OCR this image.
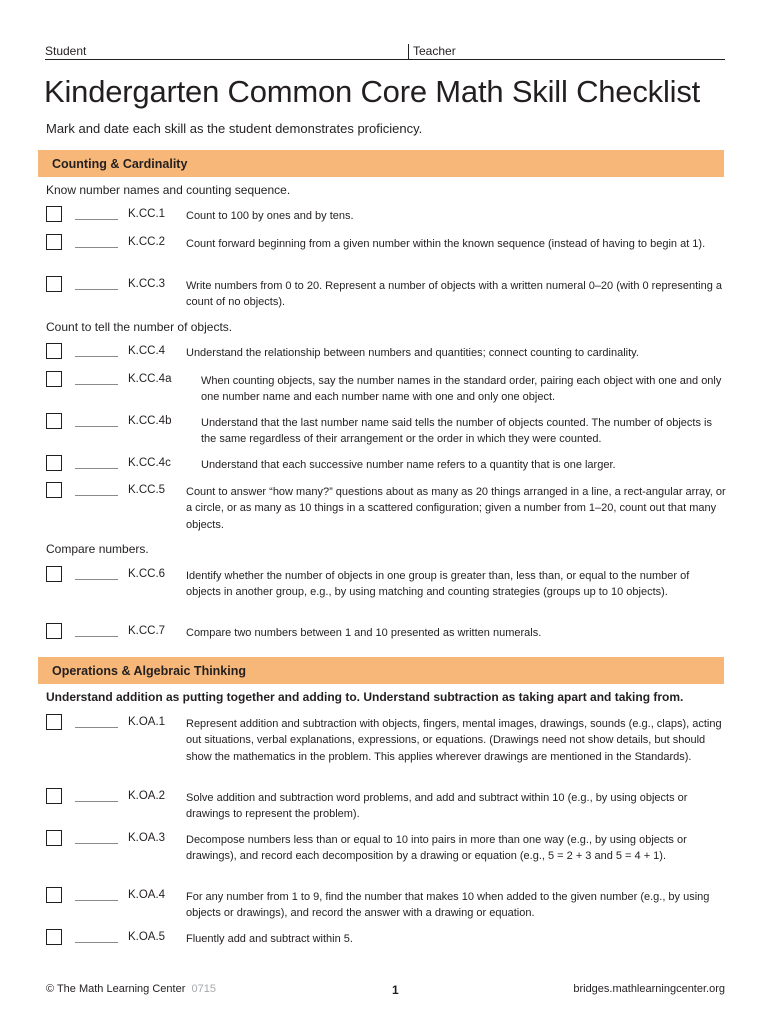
Student	Teacher
Kindergarten Common Core Math Skill Checklist
Mark and date each skill as the student demonstrates proficiency.
Counting & Cardinality
Know number names and counting sequence.
K.CC.1 Count to 100 by ones and by tens.
K.CC.2 Count forward beginning from a given number within the known sequence (instead of having to begin at 1).
K.CC.3 Write numbers from 0 to 20. Represent a number of objects with a written numeral 0–20 (with 0 representing a count of no objects).
Count to tell the number of objects.
K.CC.4 Understand the relationship between numbers and quantities; connect counting to cardinality.
K.CC.4a	When counting objects, say the number names in the standard order, pairing each object with one and only one number name and each number name with one and only one object.
K.CC.4b	Understand that the last number name said tells the number of objects counted. The number of objects is the same regardless of their arrangement or the order in which they were counted.
K.CC.4c	Understand that each successive number name refers to a quantity that is one larger.
K.CC.5 Count to answer “how many?” questions about as many as 20 things arranged in a line, a rect-angular array, or a circle, or as many as 10 things in a scattered configuration; given a number from 1–20, count out that many objects.
Compare numbers.
K.CC.6 Identify whether the number of objects in one group is greater than, less than, or equal to the number of objects in another group, e.g., by using matching and counting strategies (groups up to 10 objects).
K.CC.7 Compare two numbers between 1 and 10 presented as written numerals.
Operations & Algebraic Thinking
Understand addition as putting together and adding to. Understand subtraction as taking apart and taking from.
K.OA.1 Represent addition and subtraction with objects, fingers, mental images, drawings, sounds (e.g., claps), acting out situations, verbal explanations, expressions, or equations. (Drawings need not show details, but should show the mathematics in the problem. This applies wherever drawings are mentioned in the Standards).
K.OA.2 Solve addition and subtraction word problems, and add and subtract within 10 (e.g., by using objects or drawings to represent the problem).
K.OA.3 Decompose numbers less than or equal to 10 into pairs in more than one way (e.g., by using objects or drawings), and record each decomposition by a drawing or equation (e.g., 5 = 2 + 3 and 5 = 4 + 1).
K.OA.4 For any number from 1 to 9, find the number that makes 10 when added to the given number (e.g., by using objects or drawings), and record the answer with a drawing or equation.
K.OA.5 Fluently add and subtract within 5.
© The Math Learning Center 0715	1	bridges.mathlearningcenter.org
